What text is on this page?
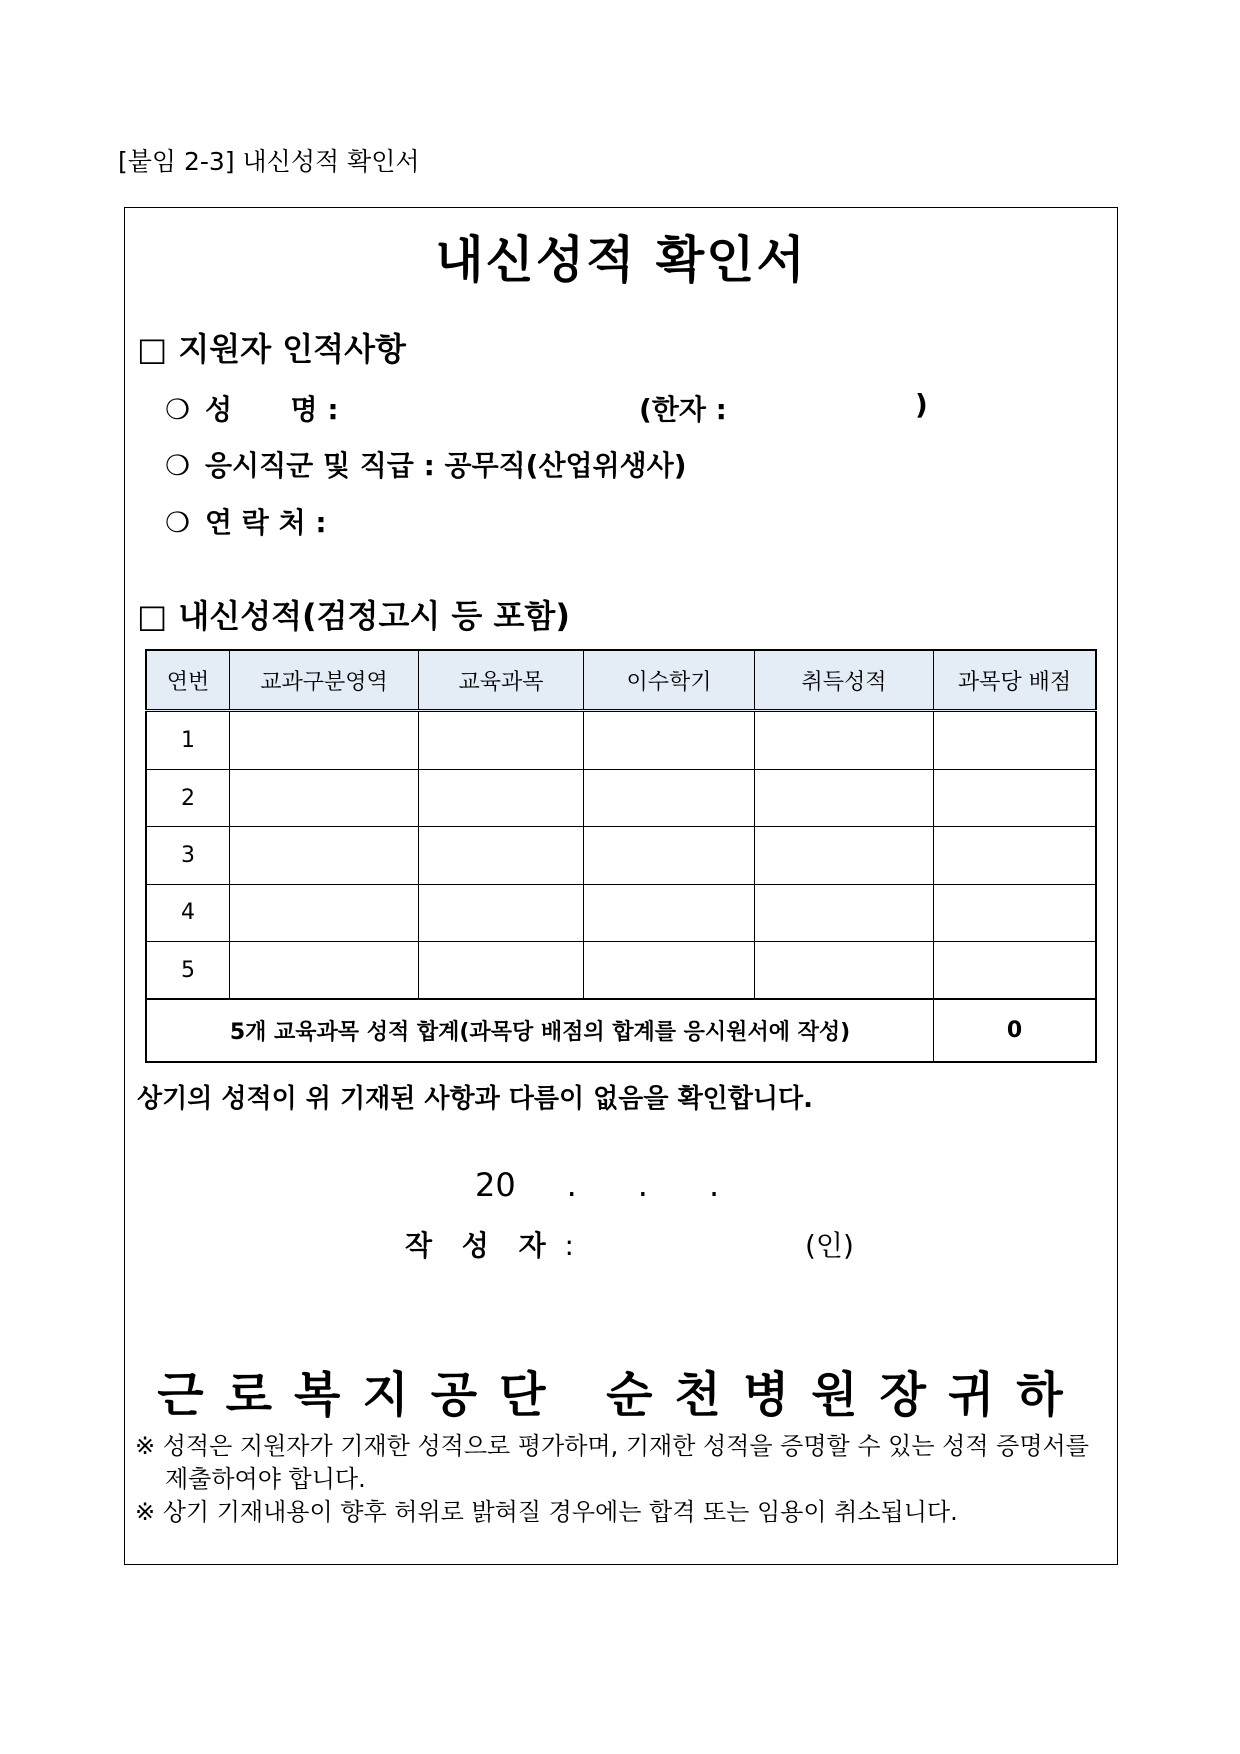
[붙임 2-3] 내신성적 확인서
내신성적 확인서
□ 지원자 인적사항
❍ 성      명 :	(한자 :	)
❍ 응시직군 및 직급 : 공무직(산업위생사)
❍ 연 락 처 :
□ 내신성적(검정고시 등 포함)
연번	교과구분영역	교육과목	이수학기	취득성적	과목당 배점
1					
2					
3					
4					
5					
5개 교육과목 성적 합계(과목당 배점의 합계를 응시원서에 작성)					0
상기의 성적이 위 기재된 사항과 다름이 없음을 확인합니다.
20     .      .      .
작 성 자 :	(인)
근로복지공단 순천병원장귀하
※ 성적은 지원자가 기재한 성적으로 평가하며, 기재한 성적을 증명할 수 있는 성적 증명서를
제출하여야 합니다.
※ 상기 기재내용이 향후 허위로 밝혀질 경우에는 합격 또는 임용이 취소됩니다.
